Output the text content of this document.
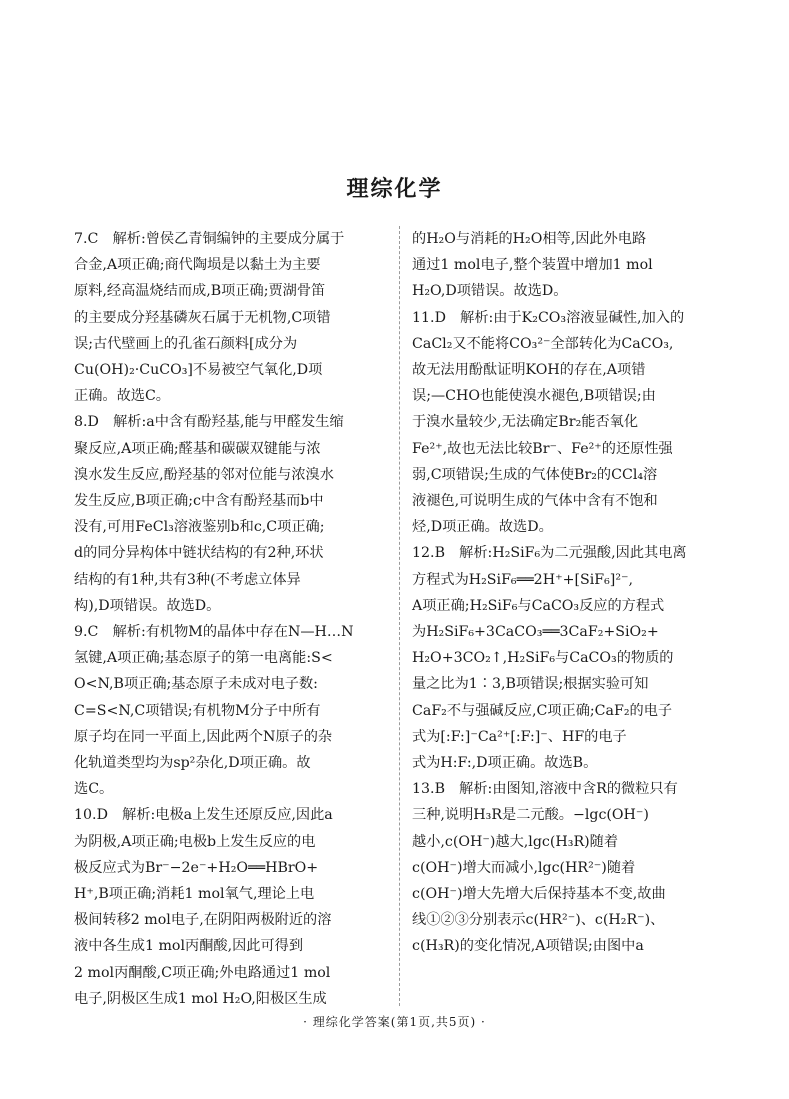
理综化学

7.C　解析:曾侯乙青铜编钟的主要成分属于

合金,A项正确;商代陶埙是以黏土为主要

原料,经高温烧结而成,B项正确;贾湖骨笛

的主要成分羟基磷灰石属于无机物,C项错

误;古代壁画上的孔雀石颜料[成分为

Cu(OH)₂·CuCO₃]不易被空气氧化,D项

正确。故选C。

8.D　解析:a中含有酚羟基,能与甲醛发生缩

聚反应,A项正确;醛基和碳碳双键能与浓

溴水发生反应,酚羟基的邻对位能与浓溴水

发生反应,B项正确;c中含有酚羟基而b中

没有,可用FeCl₃溶液鉴别b和c,C项正确;

d的同分异构体中链状结构的有2种,环状

结构的有1种,共有3种(不考虑立体异

构),D项错误。故选D。

9.C　解析:有机物M的晶体中存在N—H…N

氢键,A项正确;基态原子的第一电离能:S<

O<N,B项正确;基态原子未成对电子数:

C=S<N,C项错误;有机物M分子中所有

原子均在同一平面上,因此两个N原子的杂

化轨道类型均为sp²杂化,D项正确。故

选C。

10.D　解析:电极a上发生还原反应,因此a

为阴极,A项正确;电极b上发生反应的电

极反应式为Br⁻−2e⁻+H₂O══HBrO+

H⁺,B项正确;消耗1 mol氧气,理论上电

极间转移2 mol电子,在阴阳两极附近的溶

液中各生成1 mol丙酮酸,因此可得到

2 mol丙酮酸,C项正确;外电路通过1 mol

电子,阴极区生成1 mol H₂O,阳极区生成

的H₂O与消耗的H₂O相等,因此外电路

通过1 mol电子,整个装置中增加1 mol

H₂O,D项错误。故选D。

11.D　解析:由于K₂CO₃溶液显碱性,加入的

CaCl₂又不能将CO₃²⁻全部转化为CaCO₃,

故无法用酚酞证明KOH的存在,A项错

误;—CHO也能使溴水褪色,B项错误;由

于溴水量较少,无法确定Br₂能否氧化

Fe²⁺,故也无法比较Br⁻、Fe²⁺的还原性强

弱,C项错误;生成的气体使Br₂的CCl₄溶

液褪色,可说明生成的气体中含有不饱和

烃,D项正确。故选D。

12.B　解析:H₂SiF₆为二元强酸,因此其电离

方程式为H₂SiF₆══2H⁺+[SiF₆]²⁻,

A项正确;H₂SiF₆与CaCO₃反应的方程式

为H₂SiF₆+3CaCO₃══3CaF₂+SiO₂+

H₂O+3CO₂↑,H₂SiF₆与CaCO₃的物质的

量之比为1∶3,B项错误;根据实验可知

CaF₂不与强碱反应,C项正确;CaF₂的电子

式为[:F:]⁻Ca²⁺[:F:]⁻、HF的电子

式为H:F:,D项正确。故选B。

13.B　解析:由图知,溶液中含R的微粒只有

三种,说明H₃R是二元酸。−lgc(OH⁻)

越小,c(OH⁻)越大,lgc(H₃R)随着

c(OH⁻)增大而减小,lgc(HR²⁻)随着

c(OH⁻)增大先增大后保持基本不变,故曲

线①②③分别表示c(HR²⁻)、c(H₂R⁻)、

c(H₃R)的变化情况,A项错误;由图中a

· 理综化学答案(第1页,共5页) ·
